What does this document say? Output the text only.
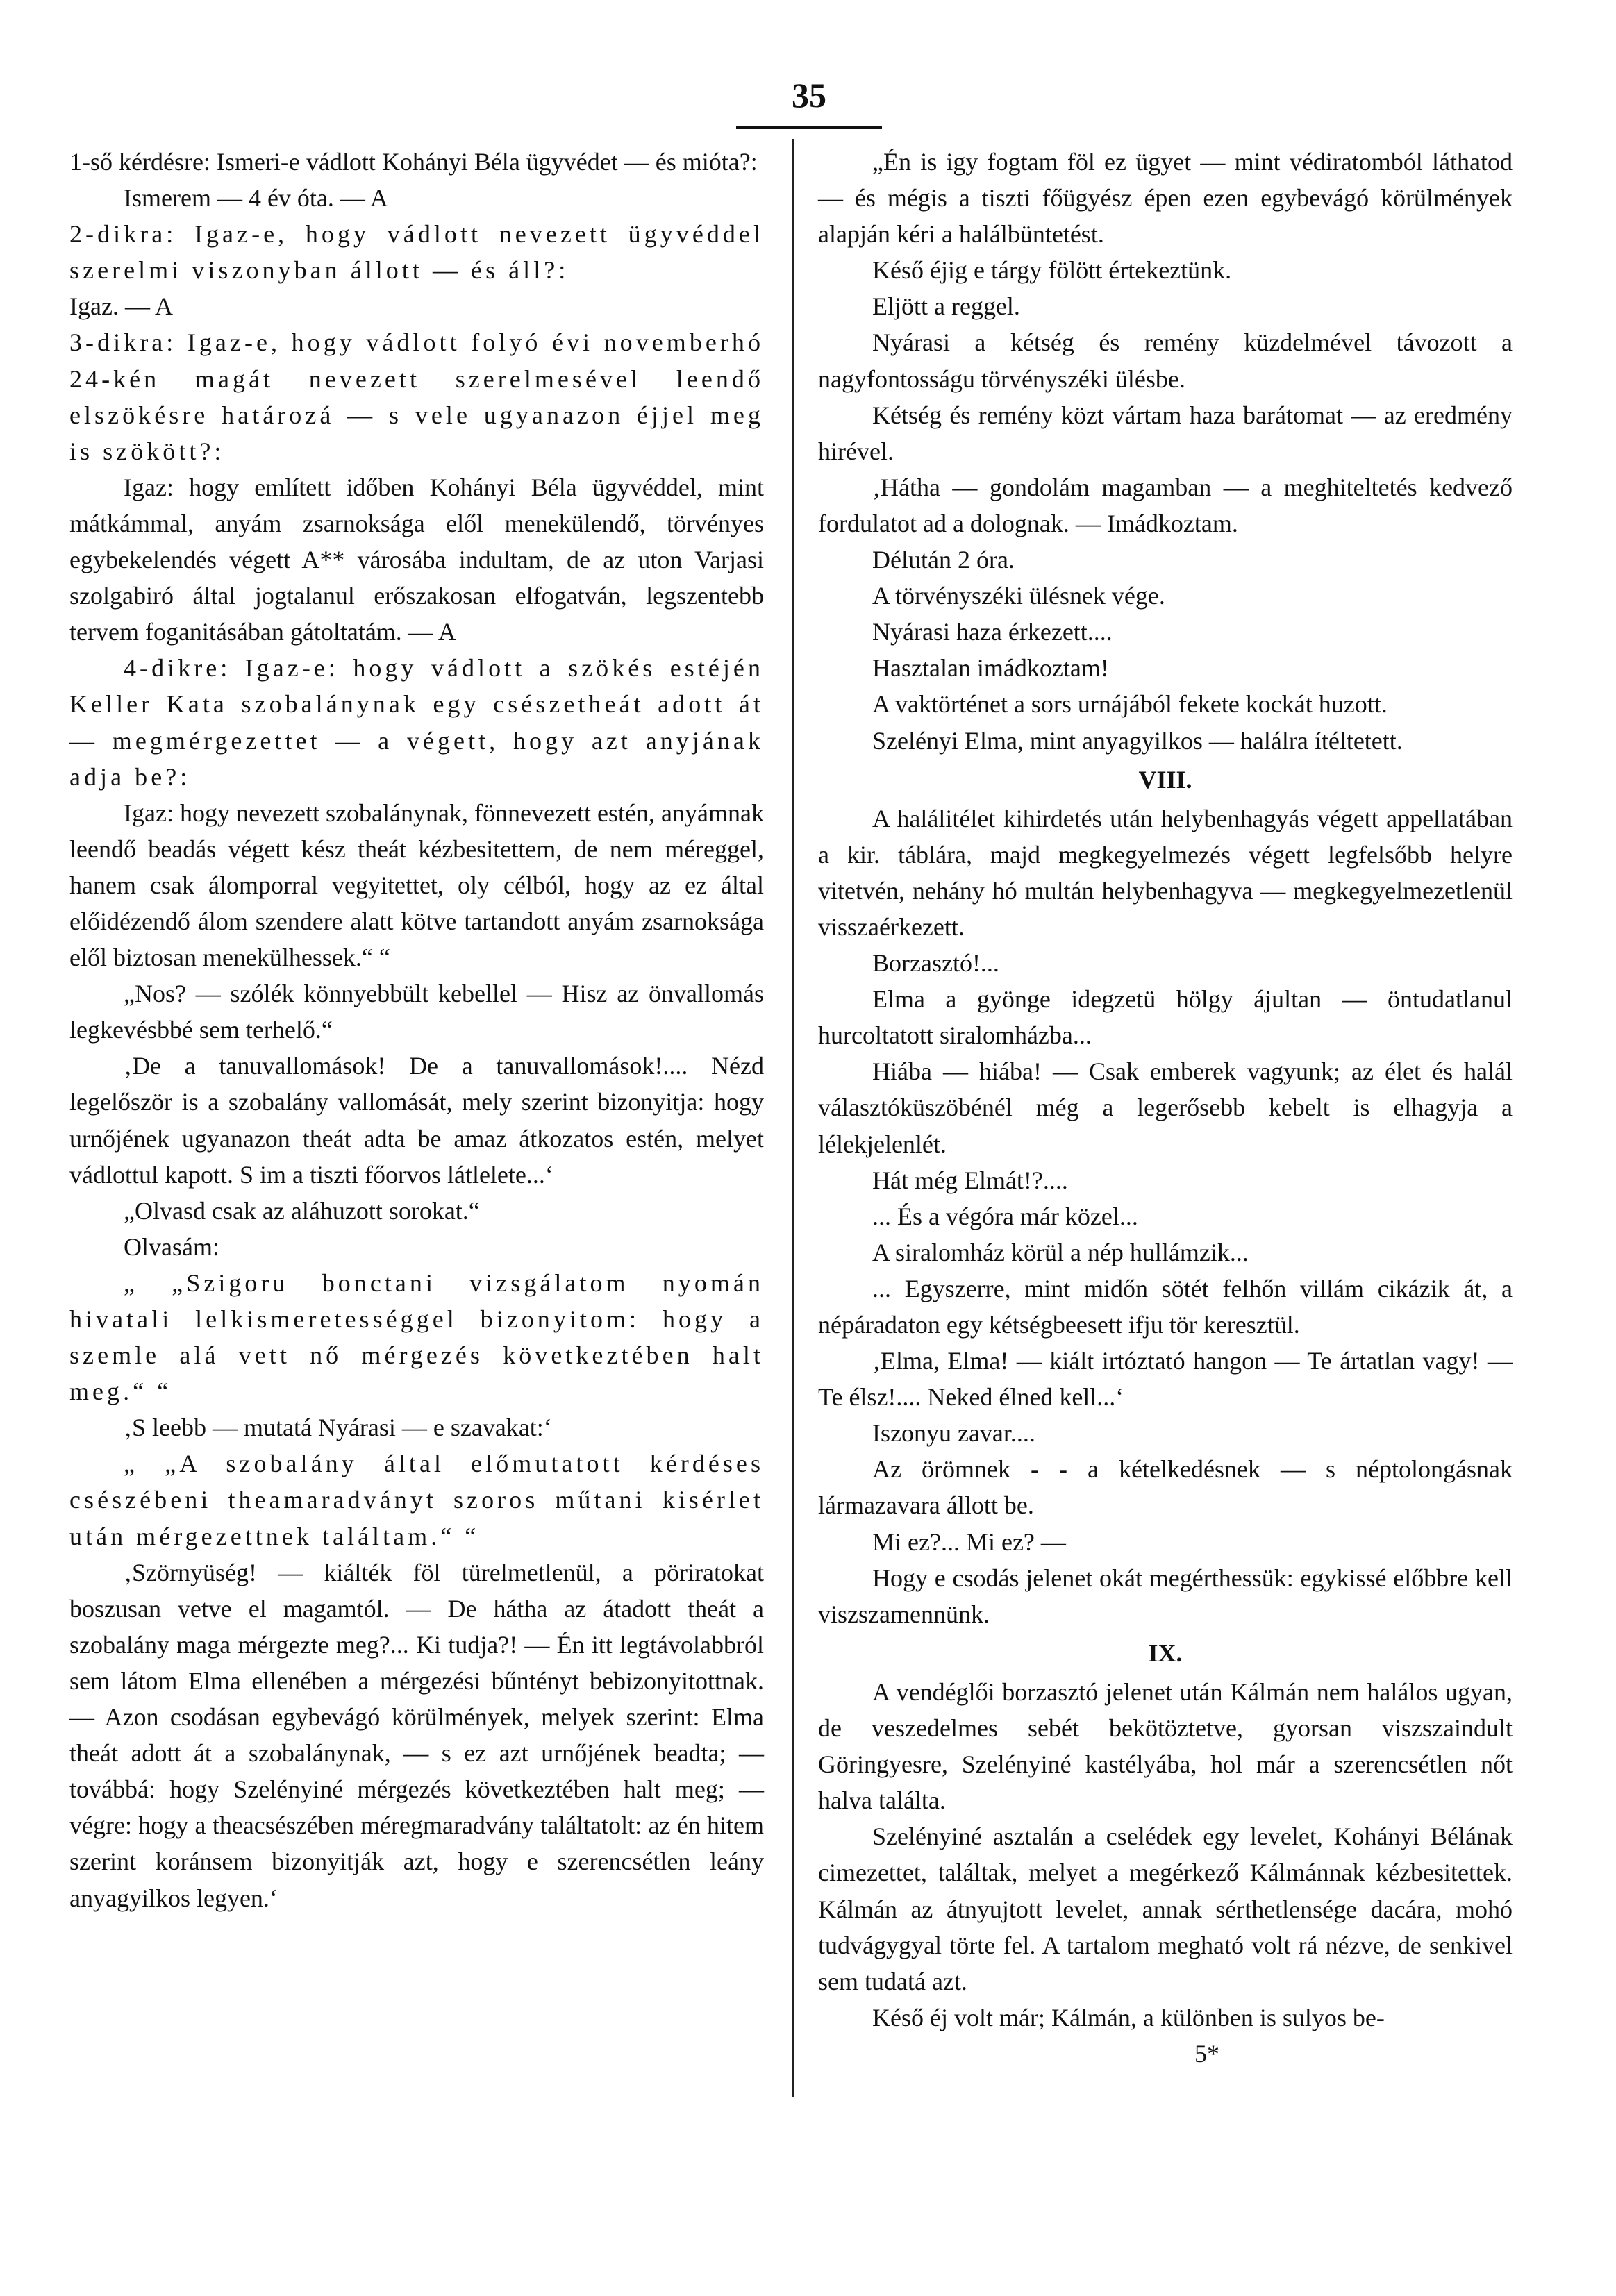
35

1-ső kérdésre: Ismeri-e vádlott Kohányi Béla ügyvédet — és mióta?:

Ismerem — 4 év óta. — A

2-dikra: Igaz-e, hogy vádlott nevezett ügyvéddel szerelmi viszonyban állott — és áll?:

Igaz. — A

3-dikra: Igaz-e, hogy vádlott folyó évi novemberhó 24-kén magát nevezett szerelmesével leendő elszökésre határozá — s vele ugyanazon éjjel meg is szökött?:

Igaz: hogy említett időben Kohányi Béla ügyvéddel, mint mátkámmal, anyám zsarnoksága elől menekülendő, törvényes egybekelendés végett A** városába indultam, de az uton Varjasi szolgabiró által jogtalanul erőszakosan elfogatván, legszentebb tervem foganitásában gátoltatám. — A

4-dikre: Igaz-e: hogy vádlott a szökés estéjén Keller Kata szobalánynak egy csészetheát adott át — megmérgezettet — a végett, hogy azt anyjának adja be?:

Igaz: hogy nevezett szobalánynak, fönnevezett estén, anyámnak leendő beadás végett kész theát kézbesitettem, de nem méreggel, hanem csak álomporral vegyitettet, oly célból, hogy az ez által előidézendő álom szendere alatt kötve tartandott anyám zsarnoksága elől biztosan menekülhessek.“ “

„Nos? — szólék könnyebbült kebellel — Hisz az önvallomás legkevésbbé sem terhelő.“

‚De a tanuvallomások! De a tanuvallomások!.... Nézd legelőször is a szobalány vallomását, mely szerint bizonyitja: hogy urnőjének ugyanazon theát adta be amaz átkozatos estén, melyet vádlottul kapott. S im a tiszti főorvos látlelete...‘

„Olvasd csak az aláhuzott sorokat.“

Olvasám:

„ „Szigoru bonctani vizsgálatom nyomán hivatali lelkismeretességgel bizonyitom: hogy a szemle alá vett nő mérgezés következtében halt meg.“ “

‚S leebb — mutatá Nyárasi — e szavakat:‘

„ „A szobalány által előmutatott kérdéses csészébeni theamaradványt szoros műtani kisérlet után mérgezettnek találtam.“ “

‚Szörnyüség! — kiálték föl türelmetlenül, a pöriratokat boszusan vetve el magamtól. — De hátha az átadott theát a szobalány maga mérgezte meg?... Ki tudja?! — Én itt legtávolabbról sem látom Elma ellenében a mérgezési bűntényt bebizonyitottnak. — Azon csodásan egybevágó körülmények, melyek szerint: Elma theát adott át a szobalánynak, — s ez azt urnőjének beadta; — továbbá: hogy Szelényiné mérgezés következtében halt meg; — végre: hogy a theacsészében méregmaradvány találtatolt: az én hitem szerint koránsem bizonyitják azt, hogy e szerencsétlen leány anyagyilkos legyen.‘

„Én is igy fogtam föl ez ügyet — mint védiratomból láthatod — és mégis a tiszti főügyész épen ezen egybevágó körülmények alapján kéri a halálbüntetést.

Késő éjig e tárgy fölött értekeztünk.

Eljött a reggel.

Nyárasi a kétség és remény küzdelmével távozott a nagyfontosságu törvényszéki ülésbe.

Kétség és remény közt vártam haza barátomat — az eredmény hirével.

‚Hátha — gondolám magamban — a meghiteltetés kedvező fordulatot ad a dolognak. — Imádkoztam.

Délután 2 óra.

A törvényszéki ülésnek vége.

Nyárasi haza érkezett....

Hasztalan imádkoztam!

A vaktörténet a sors urnájából fekete kockát huzott.

Szelényi Elma, mint anyagyilkos — halálra ítéltetett.

VIII.

A halálitélet kihirdetés után helybenhagyás végett appellatában a kir. táblára, majd megkegyelmezés végett legfelsőbb helyre vitetvén, nehány hó multán helybenhagyva — megkegyelmezetlenül visszaérkezett.

Borzasztó!...

Elma a gyönge idegzetü hölgy ájultan — öntudatlanul hurcoltatott siralomházba...

Hiába — hiába! — Csak emberek vagyunk; az élet és halál választóküszöbénél még a legerősebb kebelt is elhagyja a lélekjelenlét.

Hát még Elmát!?....

... És a végóra már közel...

A siralomház körül a nép hullámzik...

... Egyszerre, mint midőn sötét felhőn villám cikázik át, a népáradaton egy kétségbeesett ifju tör keresztül.

‚Elma, Elma! — kiált irtóztató hangon — Te ártatlan vagy! — Te élsz!.... Neked élned kell...‘

Iszonyu zavar....

Az örömnek - - a kételkedésnek — s néptolongásnak lármazavara állott be.

Mi ez?... Mi ez? —

Hogy e csodás jelenet okát megérthessük: egykissé előbbre kell viszszamennünk.

IX.

A vendéglői borzasztó jelenet után Kálmán nem halálos ugyan, de veszedelmes sebét bekötöztetve, gyorsan viszszaindult Göringyesre, Szelényiné kastélyába, hol már a szerencsétlen nőt halva találta.

Szelényiné asztalán a cselédek egy levelet, Kohányi Bélának cimezettet, találtak, melyet a megérkező Kálmánnak kézbesitettek. Kálmán az átnyujtott levelet, annak sérthetlensége dacára, mohó tudvágygyal törte fel. A tartalom megható volt rá nézve, de senkivel sem tudatá azt.

Késő éj volt már; Kálmán, a különben is sulyos be-

5*
